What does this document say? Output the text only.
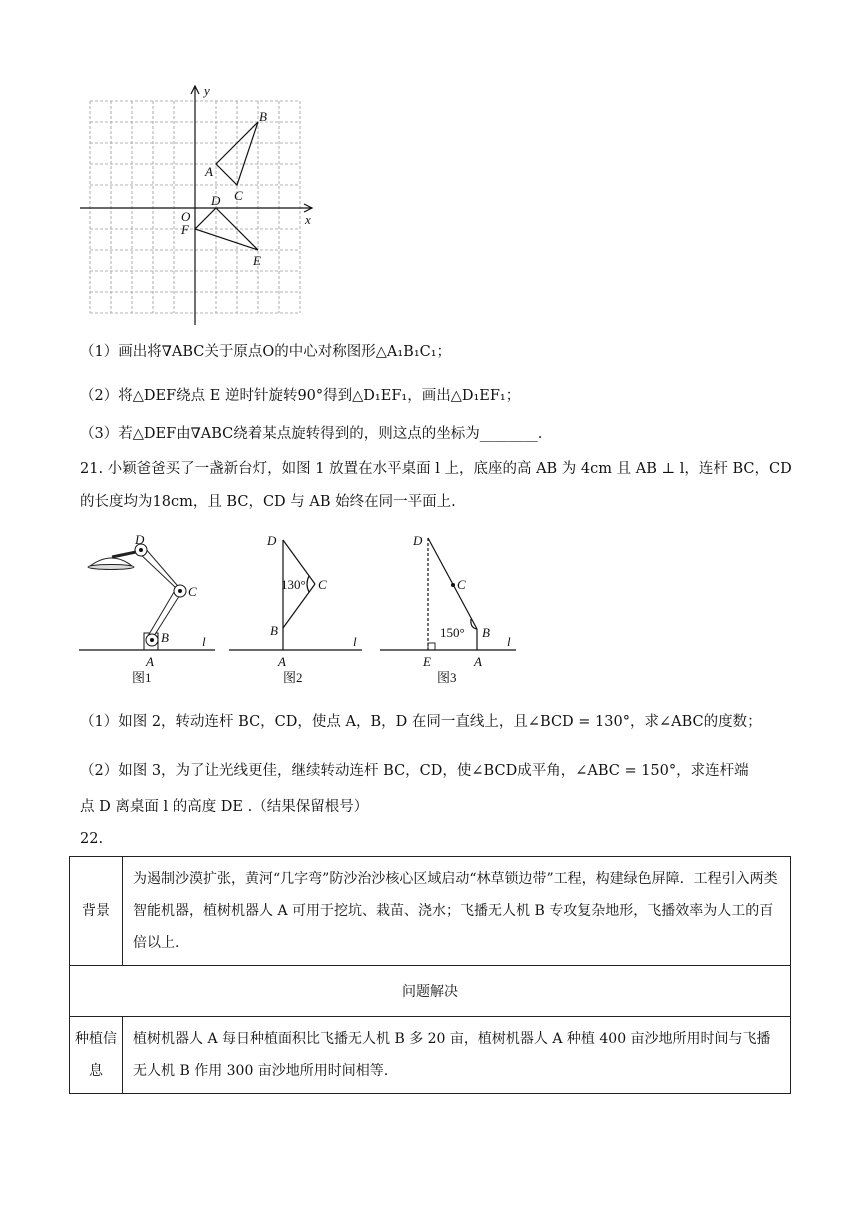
y
x
O
A
B
C
D
E
F
（1）画出将∇ABC关于原点O的中心对称图形△A₁B₁C₁；
（2）将△DEF绕点 E 逆时针旋转90°得到△D₁EF₁，画出△D₁EF₁；
（3）若△DEF由∇ABC绕着某点旋转得到的，则这点的坐标为________.
21. 小颖爸爸买了一盏新台灯，如图 1 放置在水平桌面 l 上，底座的高 AB 为 4cm 且 AB ⊥ l，连杆 BC，CD
的长度均为18cm，且 BC，CD 与 AB 始终在同一平面上.
D
C
B
A
l
图1
D
C
B
A
l
130°
图2
D
C
B
E	A
l
150°
图3
（1）如图 2，转动连杆 BC，CD，使点 A，B，D 在同一直线上，且∠BCD = 130°，求∠ABC的度数；
（2）如图 3，为了让光线更佳，继续转动连杆 BC，CD，使∠BCD成平角，∠ABC = 150°，求连杆端
点 D 离桌面 l 的高度 DE .（结果保留根号）
22.
背景	为遏制沙漠扩张，黄河“几字弯”防沙治沙核心区域启动“林草锁边带”工程，构建绿色屏障．工程引入两类智能机器，植树机器人 A 可用于挖坑、栽苗、浇水；飞播无人机 B 专攻复杂地形，飞播效率为人工的百倍以上.
问题解决	
种植信息	植树机器人 A 每日种植面积比飞播无人机 B 多 20 亩，植树机器人 A 种植 400 亩沙地所用时间与飞播无人机 B 作用 300 亩沙地所用时间相等.
